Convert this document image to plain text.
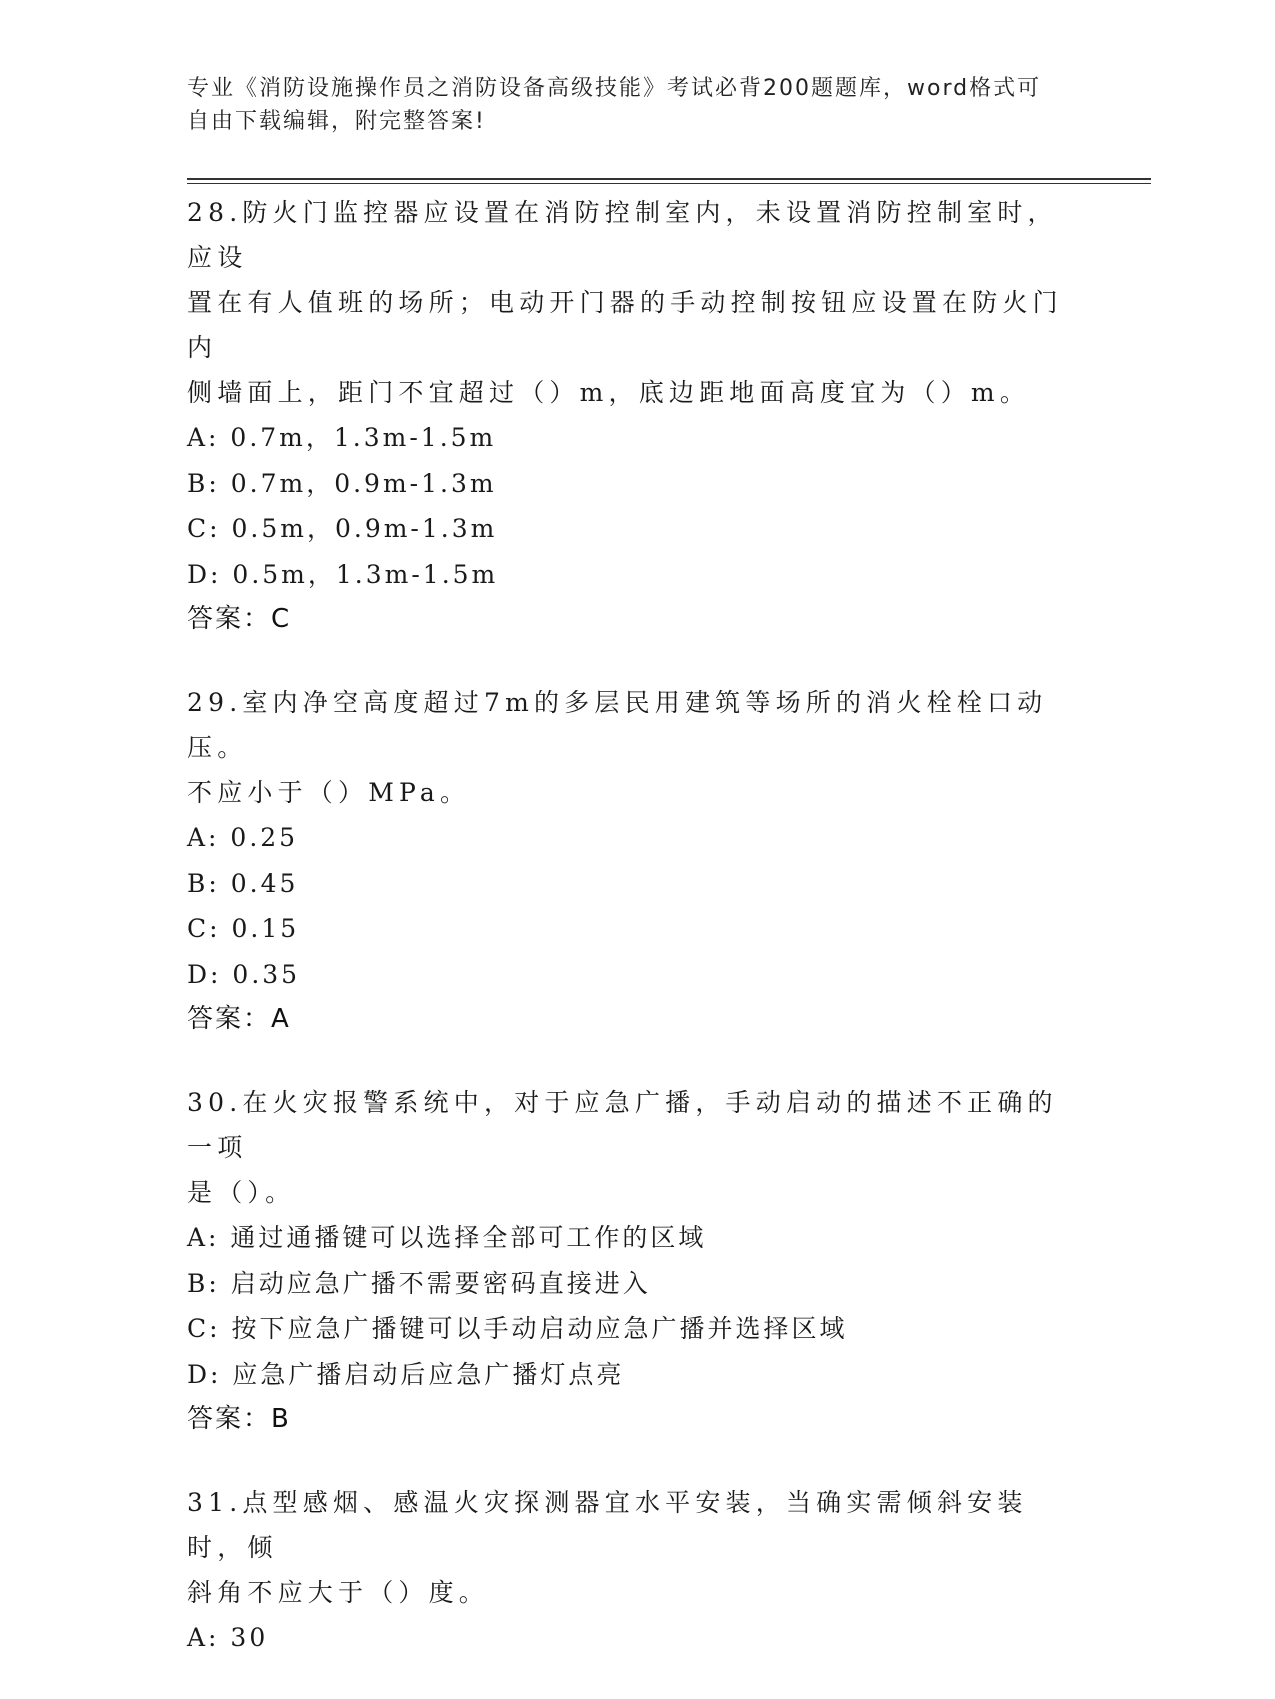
专业《消防设施操作员之消防设备高级技能》考试必背200题题库，word格式可
自由下载编辑，附完整答案!

28.防火门监控器应设置在消防控制室内，未设置消防控制室时，应设
置在有人值班的场所；电动开门器的手动控制按钮应设置在防火门内
侧墙面上，距门不宜超过（）m，底边距地面高度宜为（）m。

A: 0.7m，1.3m-1.5m
B: 0.7m，0.9m-1.3m
C: 0.5m，0.9m-1.3m
D: 0.5m，1.3m-1.5m
答案：C

29.室内净空高度超过7m的多层民用建筑等场所的消火栓栓口动压。
不应小于（）MPa。

A: 0.25
B: 0.45
C: 0.15
D: 0.35
答案：A

30.在火灾报警系统中，对于应急广播，手动启动的描述不正确的一项
是（）。

A: 通过通播键可以选择全部可工作的区域
B: 启动应急广播不需要密码直接进入
C: 按下应急广播键可以手动启动应急广播并选择区域
D: 应急广播启动后应急广播灯点亮
答案：B

31.点型感烟、感温火灾探测器宜水平安装，当确实需倾斜安装时，倾
斜角不应大于（）度。

A: 30
